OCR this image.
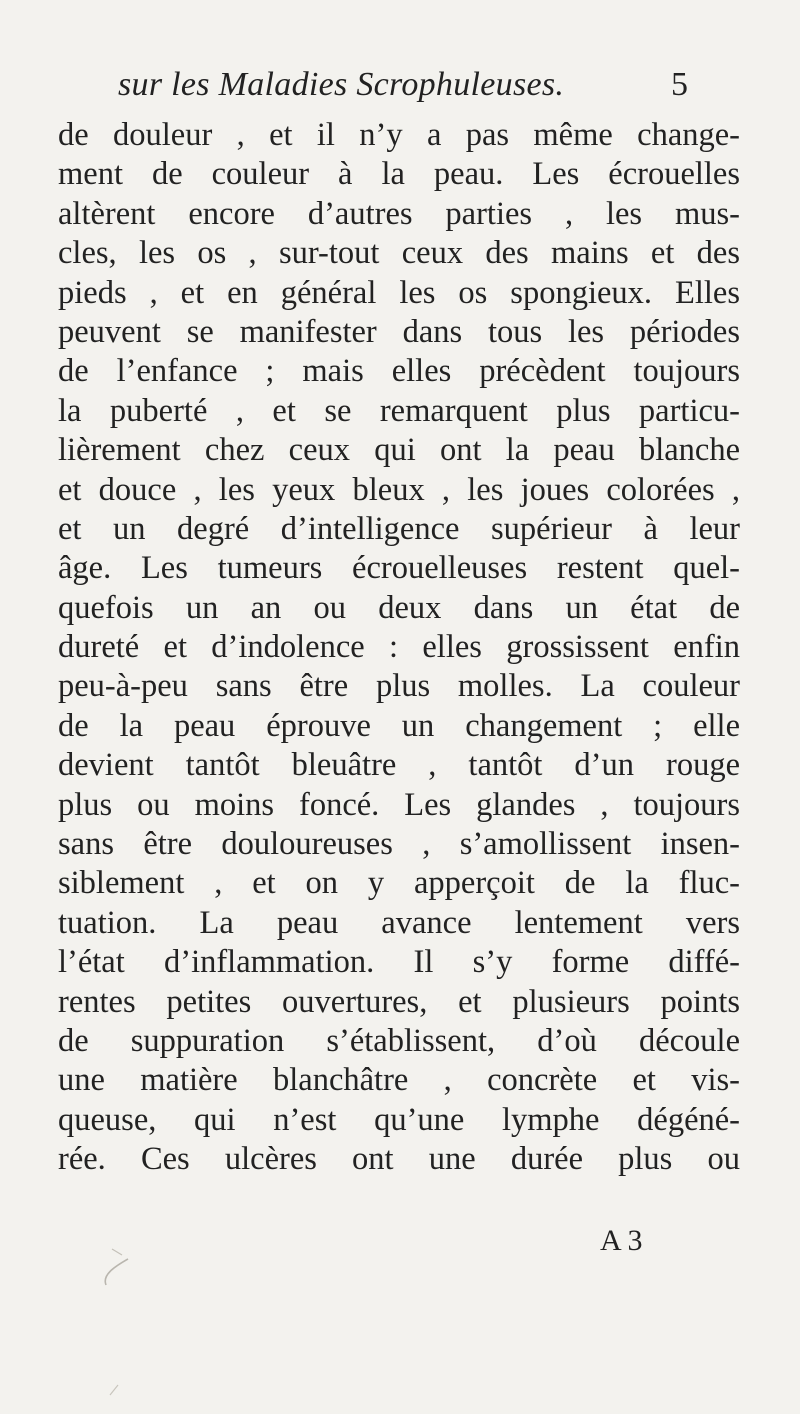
sur les Maladies Scrophuleuses.	5
de douleur , et il n’y a pas même change-
ment de couleur à la peau. Les écrouelles
altèrent encore d’autres parties , les mus-
cles, les os , sur-tout ceux des mains et des
pieds , et en général les os spongieux. Elles
peuvent se manifester dans tous les périodes
de l’enfance ; mais elles précèdent toujours
la puberté , et se remarquent plus particu-
lièrement chez ceux qui ont la peau blanche
et douce , les yeux bleux , les joues colorées ,
et un degré d’intelligence supérieur à leur
âge. Les tumeurs écrouelleuses restent quel-
quefois un an ou deux dans un état de
dureté et d’indolence : elles grossissent enfin
peu-à-peu sans être plus molles. La couleur
de la peau éprouve un changement ; elle
devient tantôt bleuâtre , tantôt d’un rouge
plus ou moins foncé. Les glandes , toujours
sans être douloureuses , s’amollissent insen-
siblement , et on y apperçoit de la fluc-
tuation. La peau avance lentement vers
l’état d’inflammation. Il s’y forme diffé-
rentes petites ouvertures, et plusieurs points
de suppuration s’établissent, d’où découle
une matière blanchâtre , concrète et vis-
queuse, qui n’est qu’une lymphe dégéné-
rée. Ces ulcères ont une durée plus ou
A 3
